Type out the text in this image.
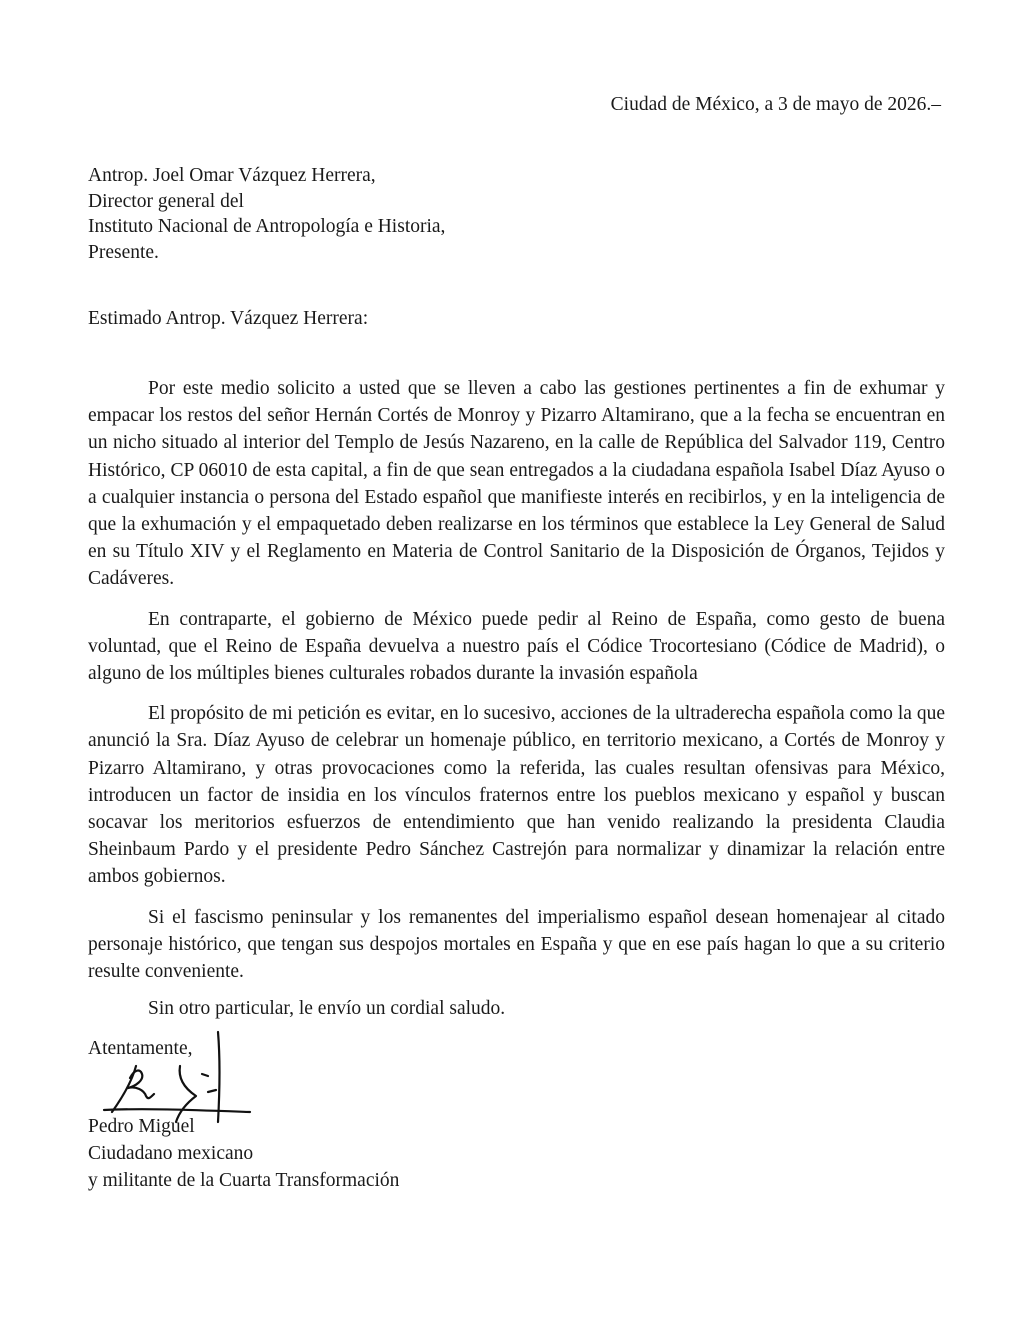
Ciudad de México, a 3 de mayo de 2026.–
Antrop. Joel Omar Vázquez Herrera,
Director general del
Instituto Nacional de Antropología e Historia,
Presente.
Estimado Antrop. Vázquez Herrera:

Por este medio solicito a usted que se lleven a cabo las gestiones pertinentes a fin de exhumar y empacar los restos del señor Hernán Cortés de Monroy y Pizarro Altamirano, que a la fecha se encuentran en un nicho situado al interior del Templo de Jesús Nazareno, en la calle de República del Salvador 119, Centro Histórico, CP 06010 de esta capital, a fin de que sean entregados a la ciudadana española Isabel Díaz Ayuso o a cualquier instancia o persona del Estado español que manifieste interés en recibirlos, y en la inteligencia de que la exhumación y el empaquetado deben realizarse en los términos que establece la Ley General de Salud en su Título XIV y el Reglamento en Materia de Control Sanitario de la Disposición de Órganos, Tejidos y Cadáveres.

En contraparte, el gobierno de México puede pedir al Reino de España, como gesto de buena voluntad, que el Reino de España devuelva a nuestro país el Códice Trocortesiano (Códice de Madrid), o alguno de los múltiples bienes culturales robados durante la invasión española

El propósito de mi petición es evitar, en lo sucesivo, acciones de la ultraderecha española como la que anunció la Sra. Díaz Ayuso de celebrar un homenaje público, en territorio mexicano, a Cortés de Monroy y Pizarro Altamirano, y otras provocaciones como la referida, las cuales resultan ofensivas para México, introducen un factor de insidia en los vínculos fraternos entre los pueblos mexicano y español y buscan socavar los meritorios esfuerzos de entendimiento que han venido realizando la presidenta Claudia Sheinbaum Pardo y el presidente Pedro Sánchez Castrejón para normalizar y dinamizar la relación entre ambos gobiernos.

Si el fascismo peninsular y los remanentes del imperialismo español desean homenajear al citado personaje histórico, que tengan sus despojos mortales en España y que en ese país hagan lo que a su criterio resulte conveniente.

Sin otro particular, le envío un cordial saludo.
Atentamente,
Pedro Miguel
Ciudadano mexicano
y militante de la Cuarta Transformación
